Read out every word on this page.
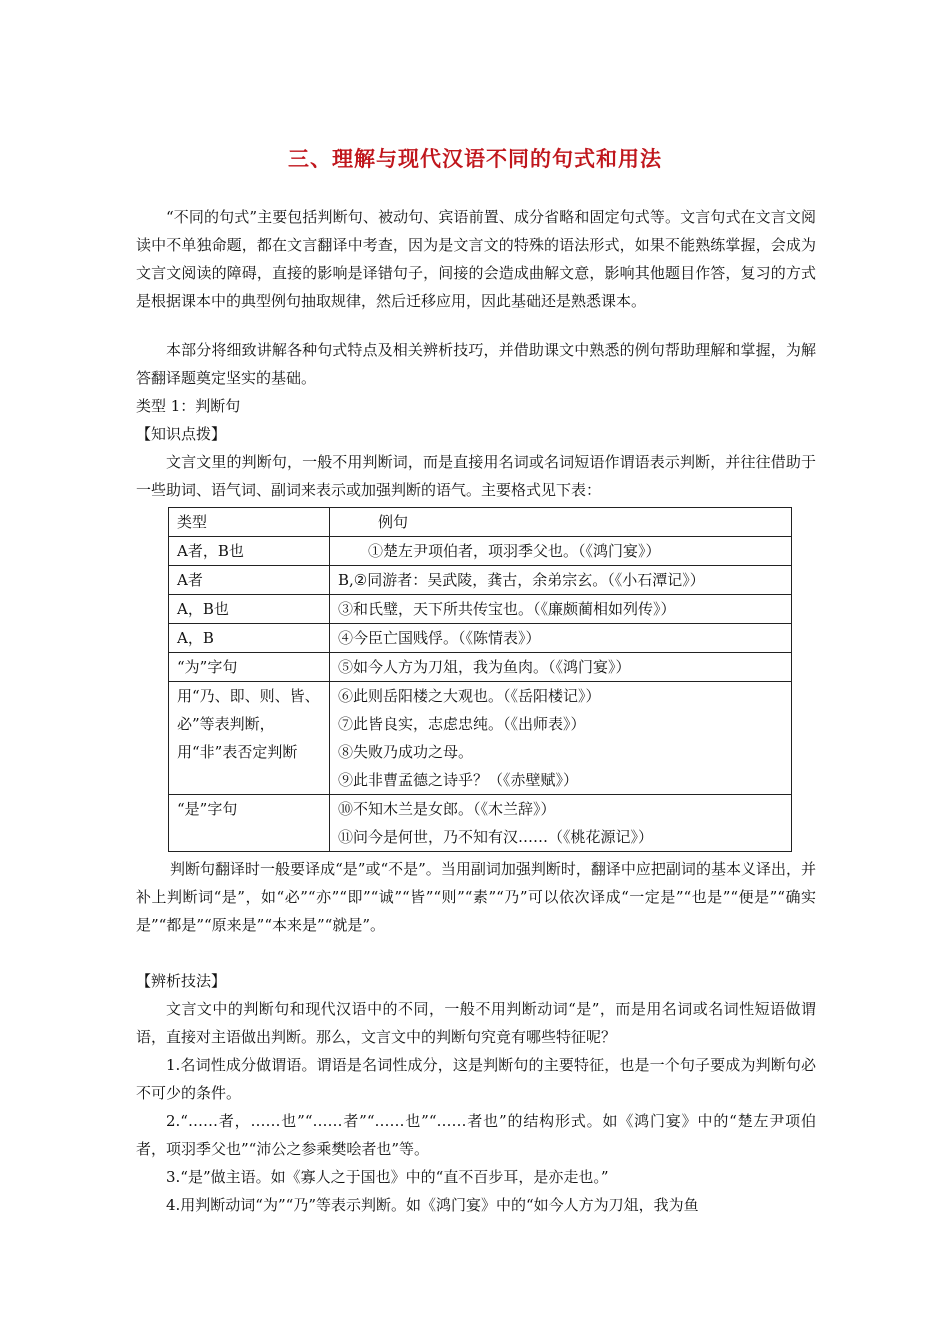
三、理解与现代汉语不同的句式和用法

“不同的句式”主要包括判断句、被动句、宾语前置、成分省略和固定句式等。文言句式在文言文阅读中不单独命题，都在文言翻译中考查，因为是文言文的特殊的语法形式，如果不能熟练掌握，会成为文言文阅读的障碍，直接的影响是译错句子，间接的会造成曲解文意，影响其他题目作答，复习的方式是根据课本中的典型例句抽取规律，然后迁移应用，因此基础还是熟悉课本。

本部分将细致讲解各种句式特点及相关辨析技巧，并借助课文中熟悉的例句帮助理解和掌握，为解答翻译题奠定坚实的基础。

类型 1：判断句

【知识点拨】

文言文里的判断句，一般不用判断词，而是直接用名词或名词短语作谓语表示判断，并往往借助于一些助词、语气词、副词来表示或加强判断的语气。主要格式见下表：

类型	例句
A者，B也	　　①楚左尹项伯者，项羽季父也。（《鸿门宴》）
A者	B,②同游者：吴武陵，龚古，余弟宗玄。（《小石潭记》）
A，B也	③和氏璧，天下所共传宝也。（《廉颇蔺相如列传》）
A，B	④今臣亡国贱俘。（《陈情表》）
“为”字句	⑤如今人方为刀俎，我为鱼肉。（《鸿门宴》）
用“乃、即、则、皆、必”等表判断，用“非”表否定判断	⑥此则岳阳楼之大观也。（《岳阳楼记》）
⑦此皆良实，志虑忠纯。（《出师表》）
⑧失败乃成功之母。
⑨此非曹孟德之诗乎？（《赤壁赋》）

“是”字句	⑩不知木兰是女郎。（《木兰辞》）
⑪问今是何世，乃不知有汉……（《桃花源记》）

判断句翻译时一般要译成“是”或“不是”。当用副词加强判断时，翻译中应把副词的基本义译出，并补上判断词“是”，如“必”“亦”“即”“诚”“皆”“则”“素”“乃”可以依次译成“一定是”“也是”“便是”“确实是”“都是”“原来是”“本来是”“就是”。

【辨析技法】

文言文中的判断句和现代汉语中的不同，一般不用判断动词“是”，而是用名词或名词性短语做谓语，直接对主语做出判断。那么，文言文中的判断句究竟有哪些特征呢？

1.名词性成分做谓语。谓语是名词性成分，这是判断句的主要特征，也是一个句子要成为判断句必不可少的条件。

2.“……者，……也”“……者”“……也”“……者也”的结构形式。如《鸿门宴》中的“楚左尹项伯者，项羽季父也”“沛公之参乘樊哙者也”等。

3.“是”做主语。如《寡人之于国也》中的“直不百步耳，是亦走也。”

4.用判断动词“为”“乃”等表示判断。如《鸿门宴》中的“如今人方为刀俎，我为鱼
